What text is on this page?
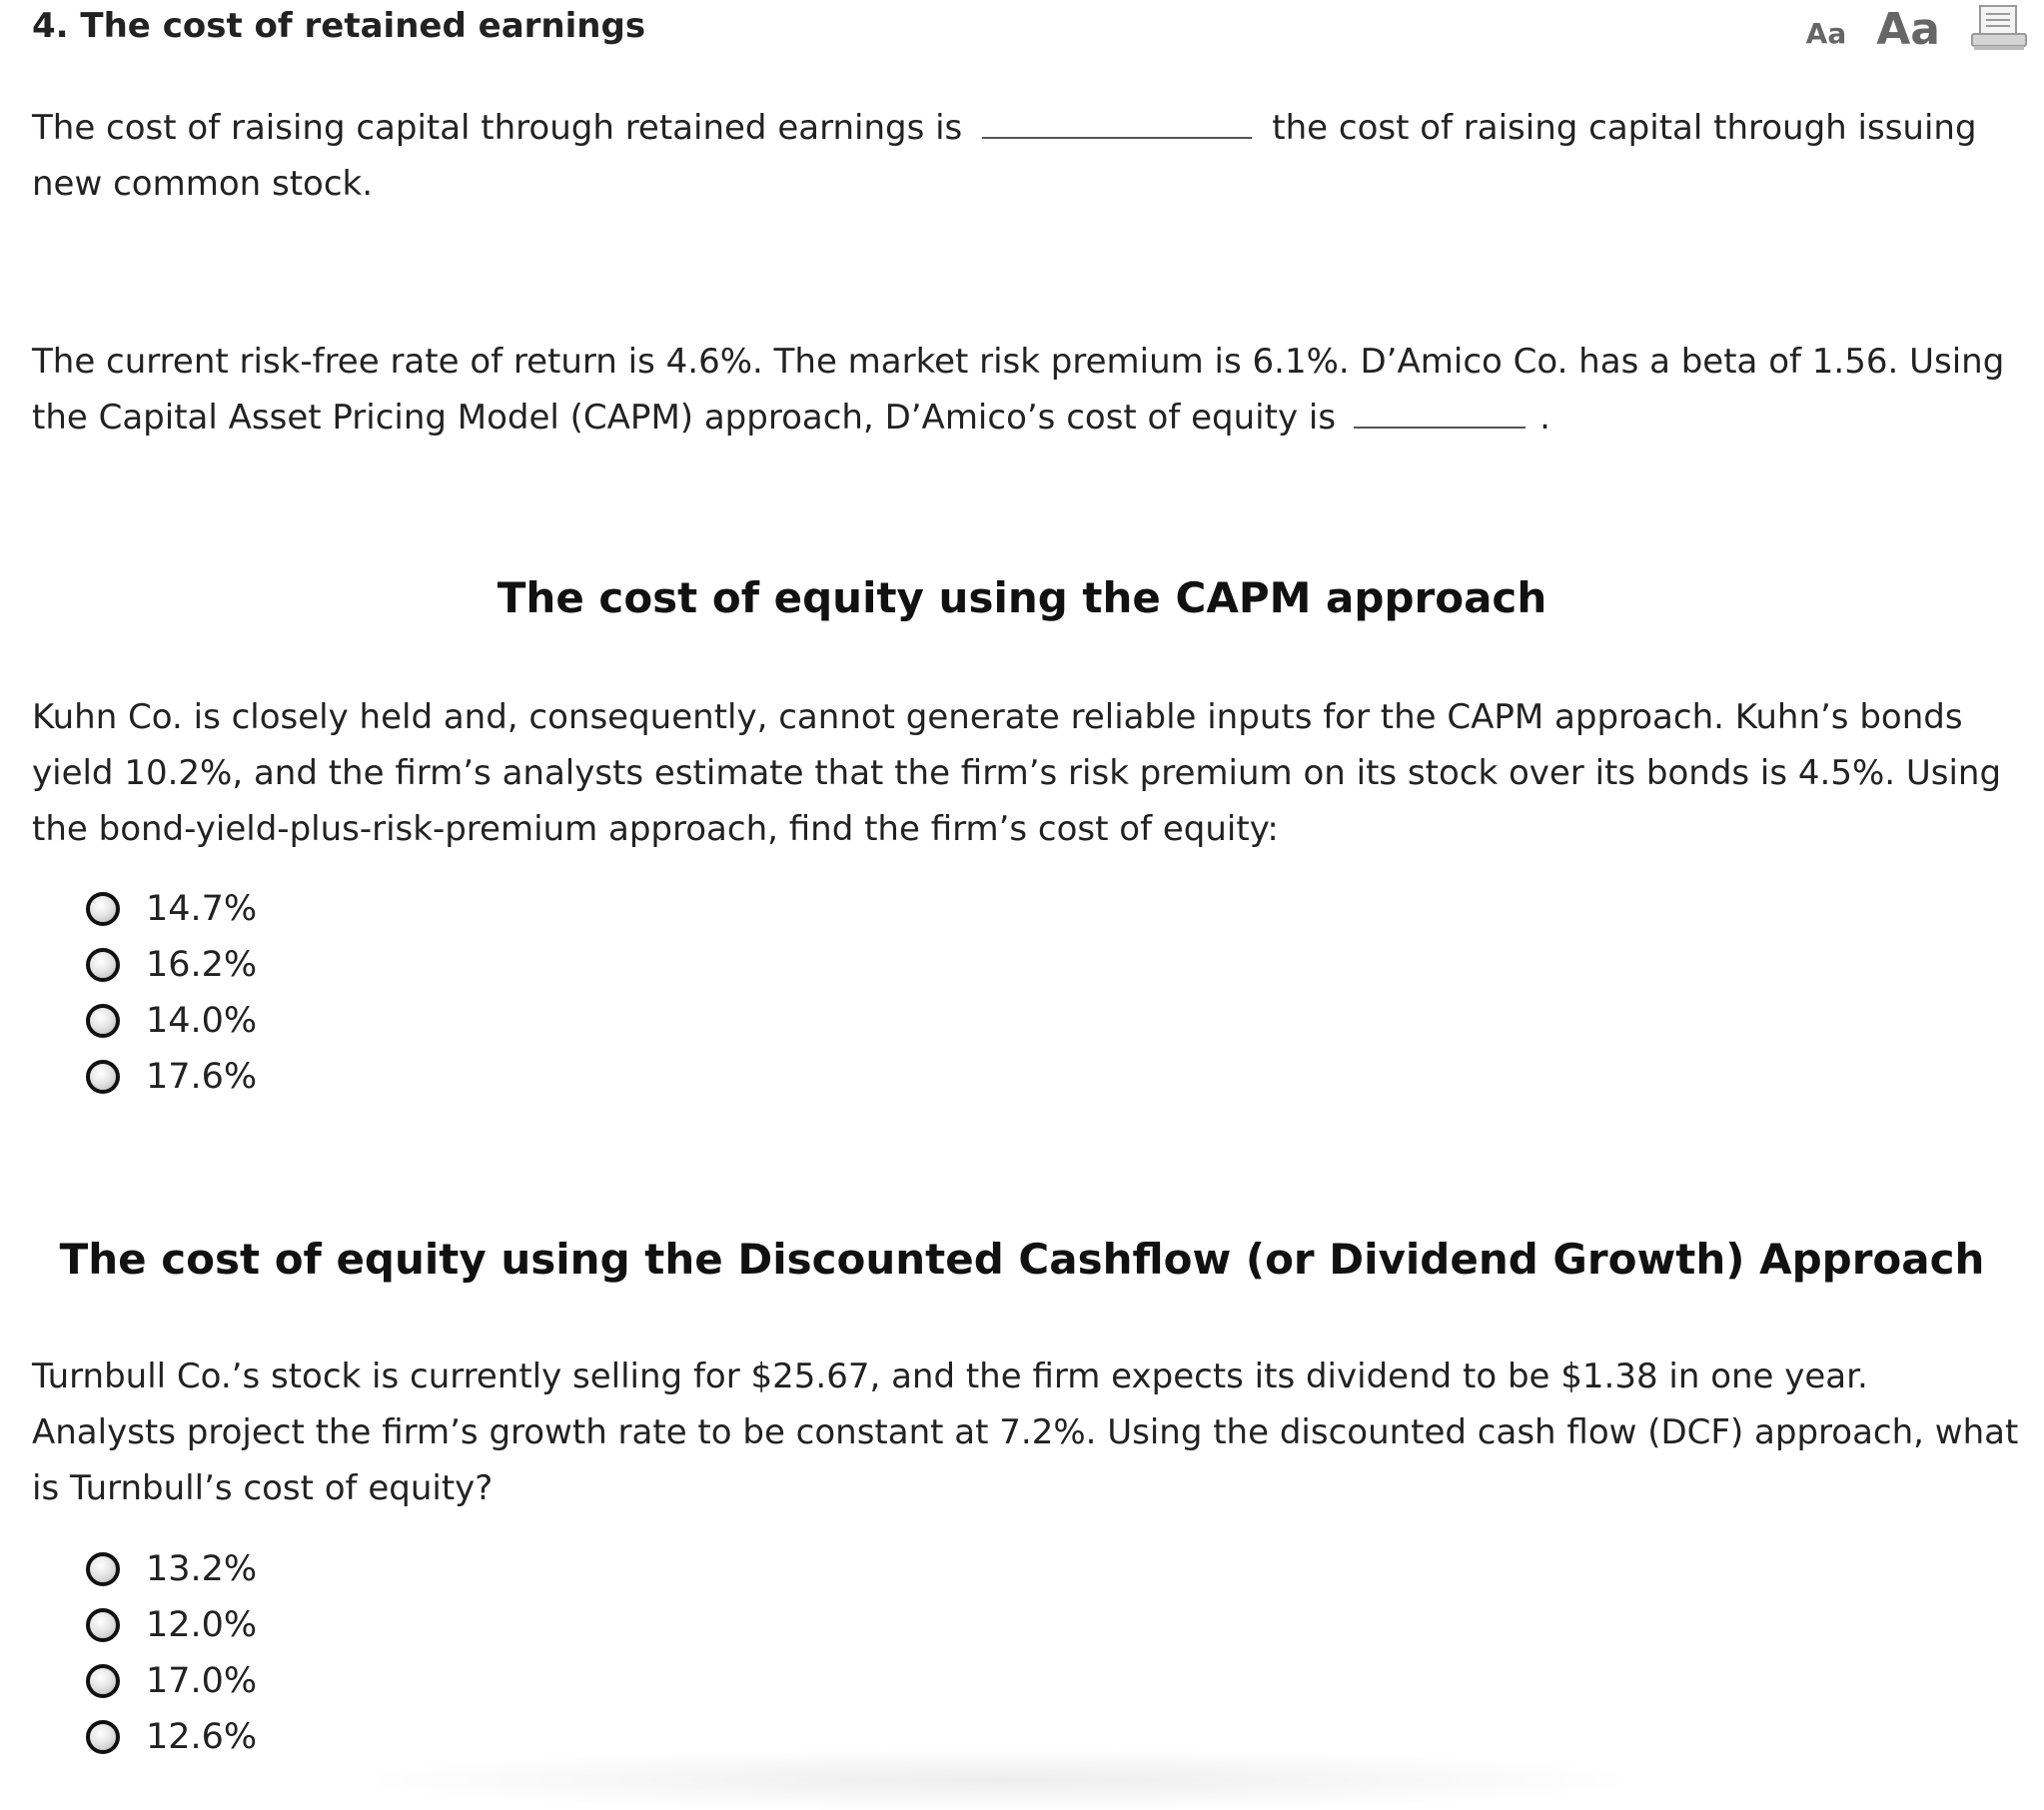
4. The cost of retained earnings	Aa Aa

The cost of raising capital through retained earnings is	the cost of raising capital through issuing new common stock.

The current risk-free rate of return is 4.6%. The market risk premium is 6.1%. D’Amico Co. has a beta of 1.56. Using the Capital Asset Pricing Model (CAPM) approach, D’Amico’s cost of equity is	.

The cost of equity using the CAPM approach

Kuhn Co. is closely held and, consequently, cannot generate reliable inputs for the CAPM approach. Kuhn’s bonds yield 10.2%, and the firm’s analysts estimate that the firm’s risk premium on its stock over its bonds is 4.5%. Using the bond-yield-plus-risk-premium approach, find the firm’s cost of equity:

14.7%
16.2%
14.0%
17.6%
The cost of equity using the Discounted Cashflow (or Dividend Growth) Approach

Turnbull Co.’s stock is currently selling for $25.67, and the firm expects its dividend to be $1.38 in one year. Analysts project the firm’s growth rate to be constant at 7.2%. Using the discounted cash flow (DCF) approach, what is Turnbull’s cost of equity?

13.2%
12.0%
17.0%
12.6%
